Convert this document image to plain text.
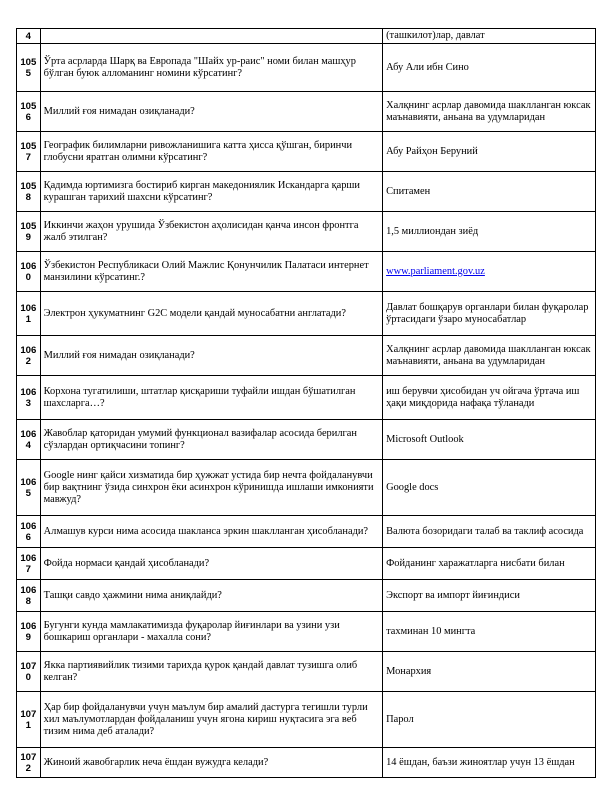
4		(ташкилот)лар, давлат
105
5	Ўрта асрларда Шарқ ва Европада "Шайх ур-раис" номи билан машҳур бўлган буюк алломанинг номини кўрсатинг?	Абу Али ибн Сино
105
6	Миллий ғоя нимадан озиқланади?	Халқнинг асрлар давомида шаклланган юксак маънавияти, аньана ва удумларидан
105
7	Географик билимларни ривожланишига катта ҳисса қўшган, биринчи глобусни яратган олимни кўрсатинг?	Абу Райҳон Беруний
105
8	Қадимда юртимизга бостириб кирган македониялик Искандарга қарши курашган тарихий шахсни кўрсатинг?	Спитамен
105
9	Иккинчи жаҳон урушида Ўзбекистон аҳолисидан қанча инсон фронтга жалб этилган?	1,5 миллиондан зиёд
106
0	Ўзбекистон Республикаси Олий Мажлис Қонунчилик Палатаси интернет манзилини кўрсатинг.?	www.parliament.gov.uz
106
1	Электрон ҳукуматнинг G2C модели қандай муносабатни англатади?	Давлат бошқарув органлари билан фуқаролар ўртасидаги ўзаро муносабатлар
106
2	Миллий ғоя нимадан озиқланади?	Халқнинг асрлар давомида шаклланган юксак маънавияти, аньана ва удумларидан
106
3	Корхона тугатилиши, штатлар қисқариши туфайли ишдан бўшатилган шахсларга…?	иш берувчи ҳисобидан уч ойгача ўртача иш ҳақи миқдорида нафақа тўланади
106
4	Жавоблар қаторидан умумий функционал вазифалар асосида берилган сўзлардан ортиқчасини топинг?	Microsoft Outlook
106
5	Google нинг қайси хизматида бир ҳужжат устида бир нечта фойдаланувчи бир вақтнинг ўзида синхрон ёки асинхрон кўринишда ишлаши имконияти мавжуд?	Google docs
106
6	Алмашув курси нима асосида шакланса эркин шаклланган ҳисобланади?	Валюта бозоридаги талаб ва таклиф асосида
106
7	Фойда нормаси қандай ҳисобланади?	Фойданинг харажатларга нисбати билан
106
8	Ташқи савдо ҳажмини нима аниқлайди?	Экспорт ва импорт йиғиндиси
106
9	Бугунги кунда мамлакатимизда фуқаролар йиғинлари ва узини узи бошкариш органлари - махалла сони?	тахминан 10 мингта
107
0	Якка партиявийлик тизими тарихда қурок қандай давлат тузишга олиб келган?	Монархия
107
1	Ҳар бир фойдаланувчи учун маълум бир амалий дастурга тегишли турли хил маълумотлардан фойдаланиш учун ягона кириш нуқтасига эга веб тизим нима деб аталади?	Парол
107
2	Жиноий жавобгарлик неча ёшдан вужудга келади?	14 ёшдан, баъзи жиноятлар учун 13 ёшдан
